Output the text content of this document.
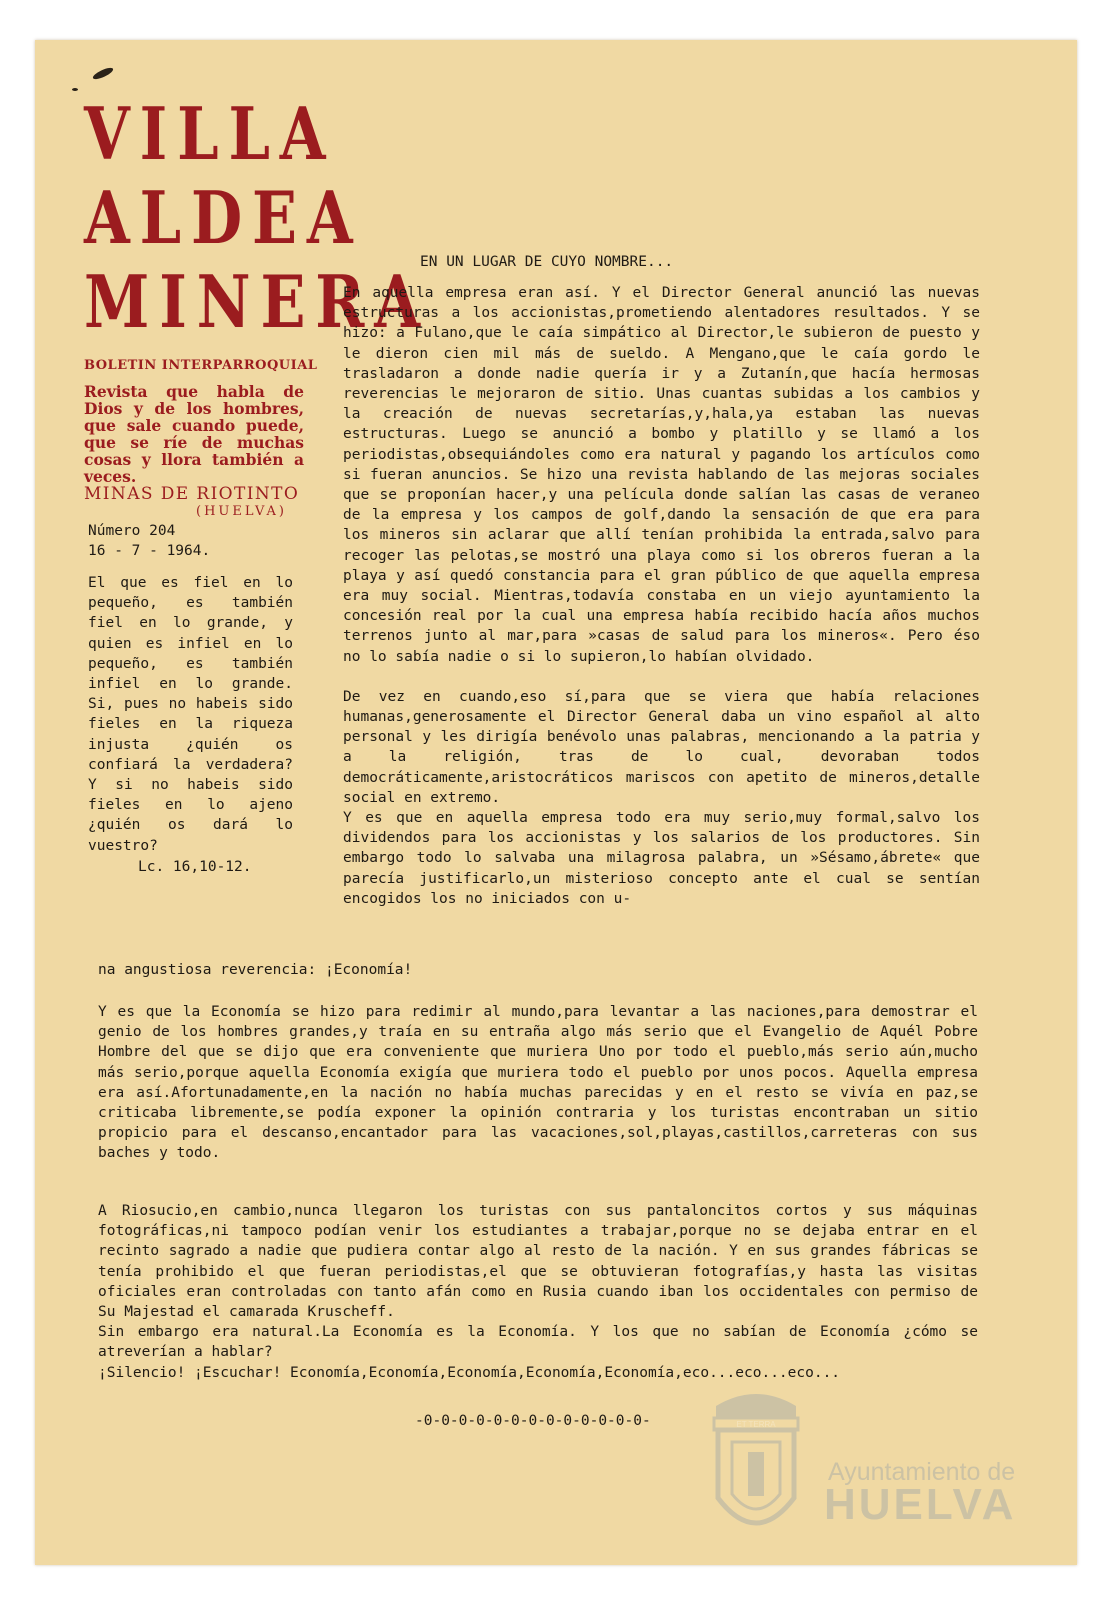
VILLA
ALDEA
MINERA
BOLETIN INTERPARROQUIAL
Revista que habla de Dios y de los hombres, que sale cuando puede, que se ríe de muchas cosas y llora también a veces.
MINAS DE RIOTINTO
(HUELVA)
Número 204
16 - 7 - 1964.
El que es fiel en lo pequeño, es también fiel en lo grande, y quien es infiel en lo pequeño, es también infiel en lo grande. Si, pues no habeis sido fieles en la riqueza injusta ¿quién os confiará la verdadera? Y si no habeis sido fieles en lo ajeno ¿quién os dará lo vuestro?
Lc. 16,10-12.
EN UN LUGAR DE CUYO NOMBRE...

En aquella empresa eran así. Y el Director General anunció las nuevas estructuras a los accionistas,prometiendo alentadores resultados. Y se hizo: a Fulano,que le caía simpático al Director,le subieron de puesto y le dieron cien mil más de sueldo. A Mengano,que le caía gordo le trasladaron a donde nadie quería ir y a Zutanín,que hacía hermosas reverencias le mejoraron de sitio. Unas cuantas subidas a los cambios y la creación de nuevas secretarías,y,hala,ya estaban las nuevas estructuras. Luego se anunció a bombo y platillo y se llamó a los periodistas,obsequiándoles como era natural y pagando los artículos como si fueran anuncios. Se hizo una revista hablando de las mejoras sociales que se proponían hacer,y una película donde salían las casas de veraneo de la empresa y los campos de golf,dando la sensación de que era para los mineros sin aclarar que allí tenían prohibida la entrada,salvo para recoger las pelotas,se mostró una playa como si los obreros fueran a la playa y así quedó constancia para el gran público de que aquella empresa era muy social. Mientras,todavía constaba en un viejo ayuntamiento la concesión real por la cual una empresa había recibido hacía años muchos terrenos junto al mar,para »casas de salud para los mineros«. Pero éso no lo sabía nadie o si lo supieron,lo habían olvidado.

De vez en cuando,eso sí,para que se viera que había relaciones humanas,generosamente el Director General daba un vino español al alto personal y les dirigía benévolo unas palabras, mencionando a la patria y a la religión, tras de lo cual, devoraban todos democráticamente,aristocráticos mariscos con apetito de mineros,detalle social en extremo.

Y es que en aquella empresa todo era muy serio,muy formal,salvo los dividendos para los accionistas y los salarios de los productores. Sin embargo todo lo salvaba una milagrosa palabra, un »Sésamo,ábrete« que parecía justificarlo,un misterioso concepto ante el cual se sentían encogidos los no iniciados con u-

na angustiosa reverencia: ¡Economía!
Y es que la Economía se hizo para redimir al mundo,para levantar a las naciones,para demostrar el genio de los hombres grandes,y traía en su entraña algo más serio que el Evangelio de Aquél Pobre Hombre del que se dijo que era conveniente que muriera Uno por todo el pueblo,más serio aún,mucho más serio,porque aquella Economía exigía que muriera todo el pueblo por unos pocos. Aquella empresa era así.Afortunadamente,en la nación no había muchas parecidas y en el resto se vivía en paz,se criticaba libremente,se podía exponer la opinión contraria y los turistas encontraban un sitio propicio para el descanso,encantador para las vacaciones,sol,playas,castillos,carreteras con sus baches y todo.

A Riosucio,en cambio,nunca llegaron los turistas con sus pantaloncitos cortos y sus máquinas fotográficas,ni tampoco podían venir los estudiantes a trabajar,porque no se dejaba entrar en el recinto sagrado a nadie que pudiera contar algo al resto de la nación. Y en sus grandes fábricas se tenía prohibido el que fueran periodistas,el que se obtuvieran fotografías,y hasta las visitas oficiales eran controladas con tanto afán como en Rusia cuando iban los occidentales con permiso de Su Majestad el camarada Kruscheff.

Sin embargo era natural.La Economía es la Economía. Y los que no sabían de Economía ¿cómo se atreverían a hablar?

¡Silencio! ¡Escuchar! Economía,Economía,Economía,Economía,Economía,eco...eco...eco...

-0-0-0-0-0-0-0-0-0-0-0-0-0-	ET TERRA
Ayuntamiento de
HUELVA
